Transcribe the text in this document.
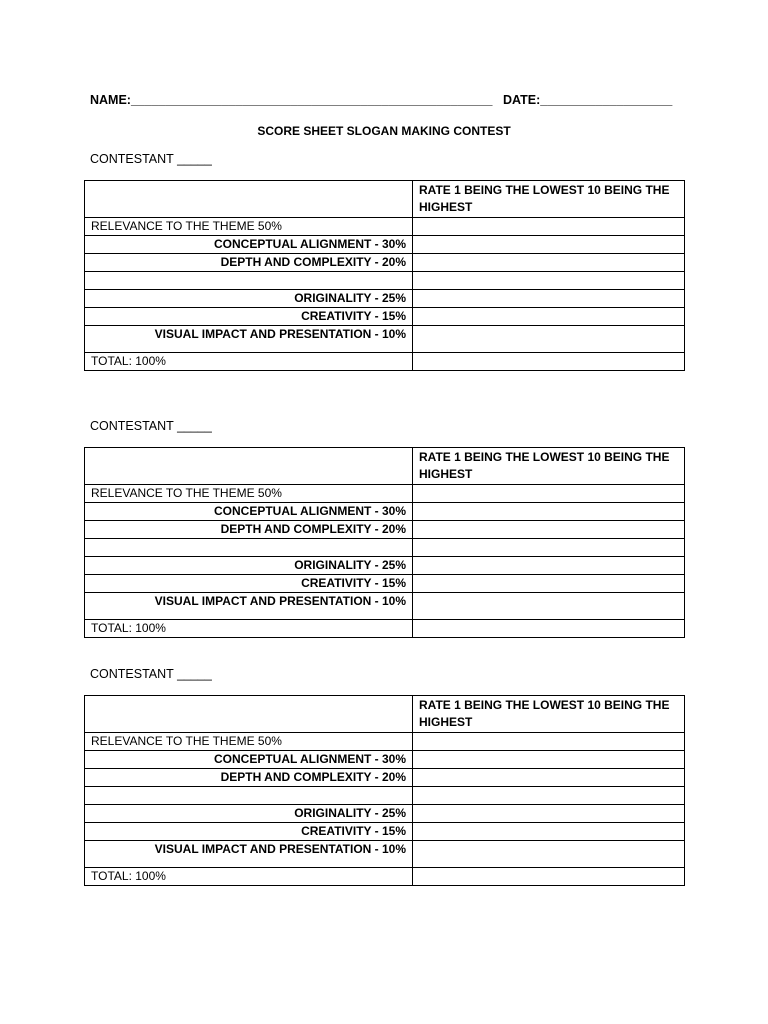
NAME:____________________________________________________ DATE:___________________
SCORE SHEET SLOGAN MAKING CONTEST
CONTESTANT _____
	RATE 1 BEING THE LOWEST 10 BEING THE HIGHEST
RELEVANCE TO THE THEME 50%	
CONCEPTUAL ALIGNMENT - 30%	
DEPTH AND COMPLEXITY - 20%	

ORIGINALITY - 25%	
CREATIVITY - 15%	
VISUAL IMPACT AND PRESENTATION - 10%	
TOTAL: 100%	
CONTESTANT _____
	RATE 1 BEING THE LOWEST 10 BEING THE HIGHEST
RELEVANCE TO THE THEME 50%	
CONCEPTUAL ALIGNMENT - 30%	
DEPTH AND COMPLEXITY - 20%	

ORIGINALITY - 25%	
CREATIVITY - 15%	
VISUAL IMPACT AND PRESENTATION - 10%	
TOTAL: 100%	
CONTESTANT _____
	RATE 1 BEING THE LOWEST 10 BEING THE HIGHEST
RELEVANCE TO THE THEME 50%	
CONCEPTUAL ALIGNMENT - 30%	
DEPTH AND COMPLEXITY - 20%	

ORIGINALITY - 25%	
CREATIVITY - 15%	
VISUAL IMPACT AND PRESENTATION - 10%	
TOTAL: 100%	
